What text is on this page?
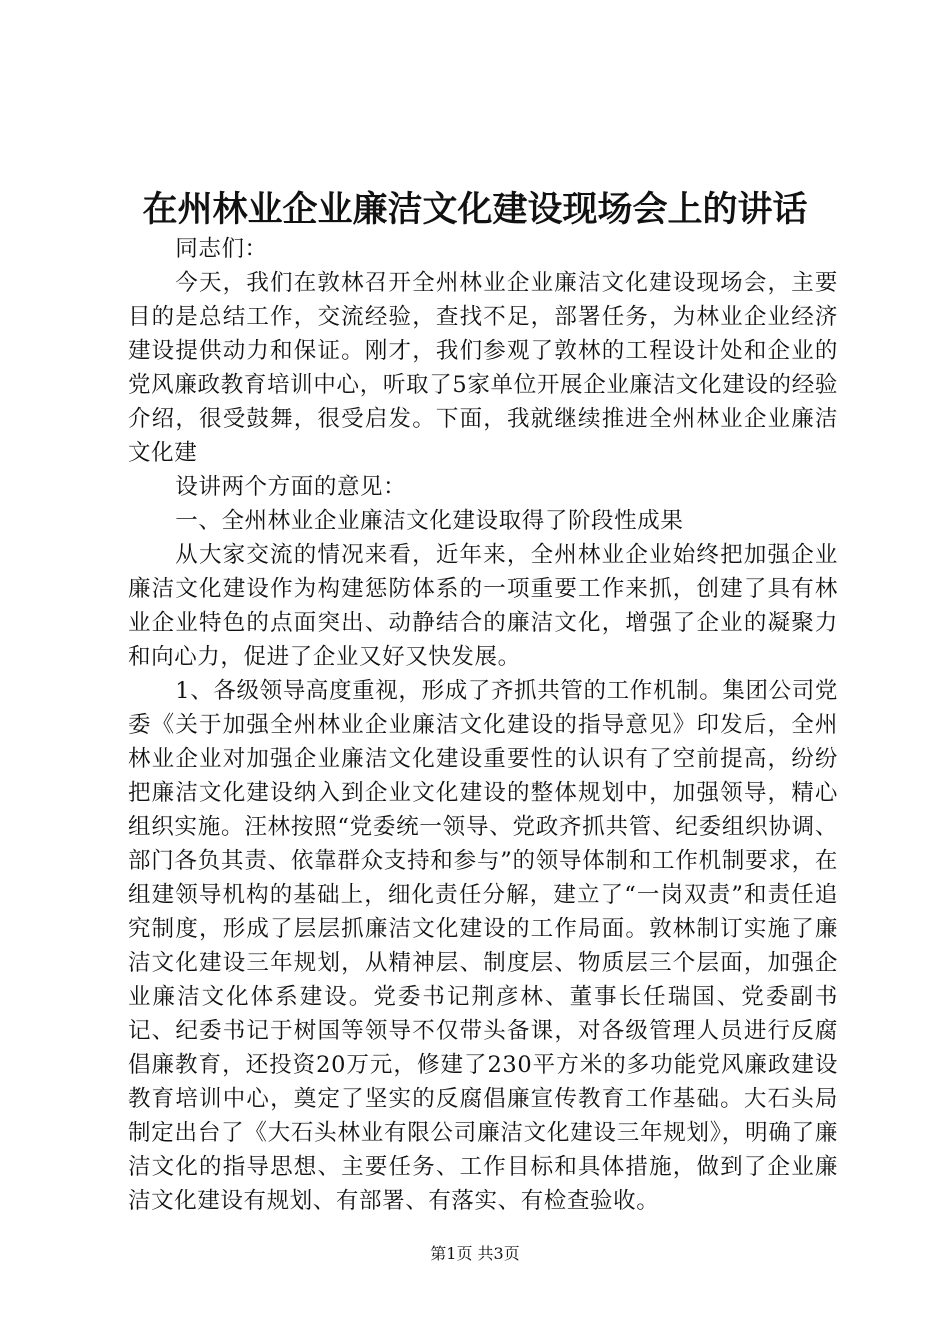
在州林业企业廉洁文化建设现场会上的讲话

同志们：

今天，我们在敦林召开全州林业企业廉洁文化建设现场会，主要目的是总结工作，交流经验，查找不足，部署任务，为林业企业经济建设提供动力和保证。刚才，我们参观了敦林的工程设计处和企业的党风廉政教育培训中心，听取了5家单位开展企业廉洁文化建设的经验介绍，很受鼓舞，很受启发。下面，我就继续推进全州林业企业廉洁文化建

设讲两个方面的意见：

一、全州林业企业廉洁文化建设取得了阶段性成果

从大家交流的情况来看，近年来，全州林业企业始终把加强企业廉洁文化建设作为构建惩防体系的一项重要工作来抓，创建了具有林业企业特色的点面突出、动静结合的廉洁文化，增强了企业的凝聚力和向心力，促进了企业又好又快发展。

1、各级领导高度重视，形成了齐抓共管的工作机制。集团公司党委《关于加强全州林业企业廉洁文化建设的指导意见》印发后，全州林业企业对加强企业廉洁文化建设重要性的认识有了空前提高，纷纷把廉洁文化建设纳入到企业文化建设的整体规划中，加强领导，精心组织实施。汪林按照“党委统一领导、党政齐抓共管、纪委组织协调、部门各负其责、依靠群众支持和参与”的领导体制和工作机制要求，在组建领导机构的基础上，细化责任分解，建立了“一岗双责”和责任追究制度，形成了层层抓廉洁文化建设的工作局面。敦林制订实施了廉洁文化建设三年规划，从精神层、制度层、物质层三个层面，加强企业廉洁文化体系建设。党委书记荆彦林、董事长任瑞国、党委副书记、纪委书记于树国等领导不仅带头备课，对各级管理人员进行反腐倡廉教育，还投资20万元，修建了230平方米的多功能党风廉政建设教育培训中心，奠定了坚实的反腐倡廉宣传教育工作基础。大石头局制定出台了《大石头林业有限公司廉洁文化建设三年规划》，明确了廉洁文化的指导思想、主要任务、工作目标和具体措施，做到了企业廉洁文化建设有规划、有部署、有落实、有检查验收。

第1页 共3页
